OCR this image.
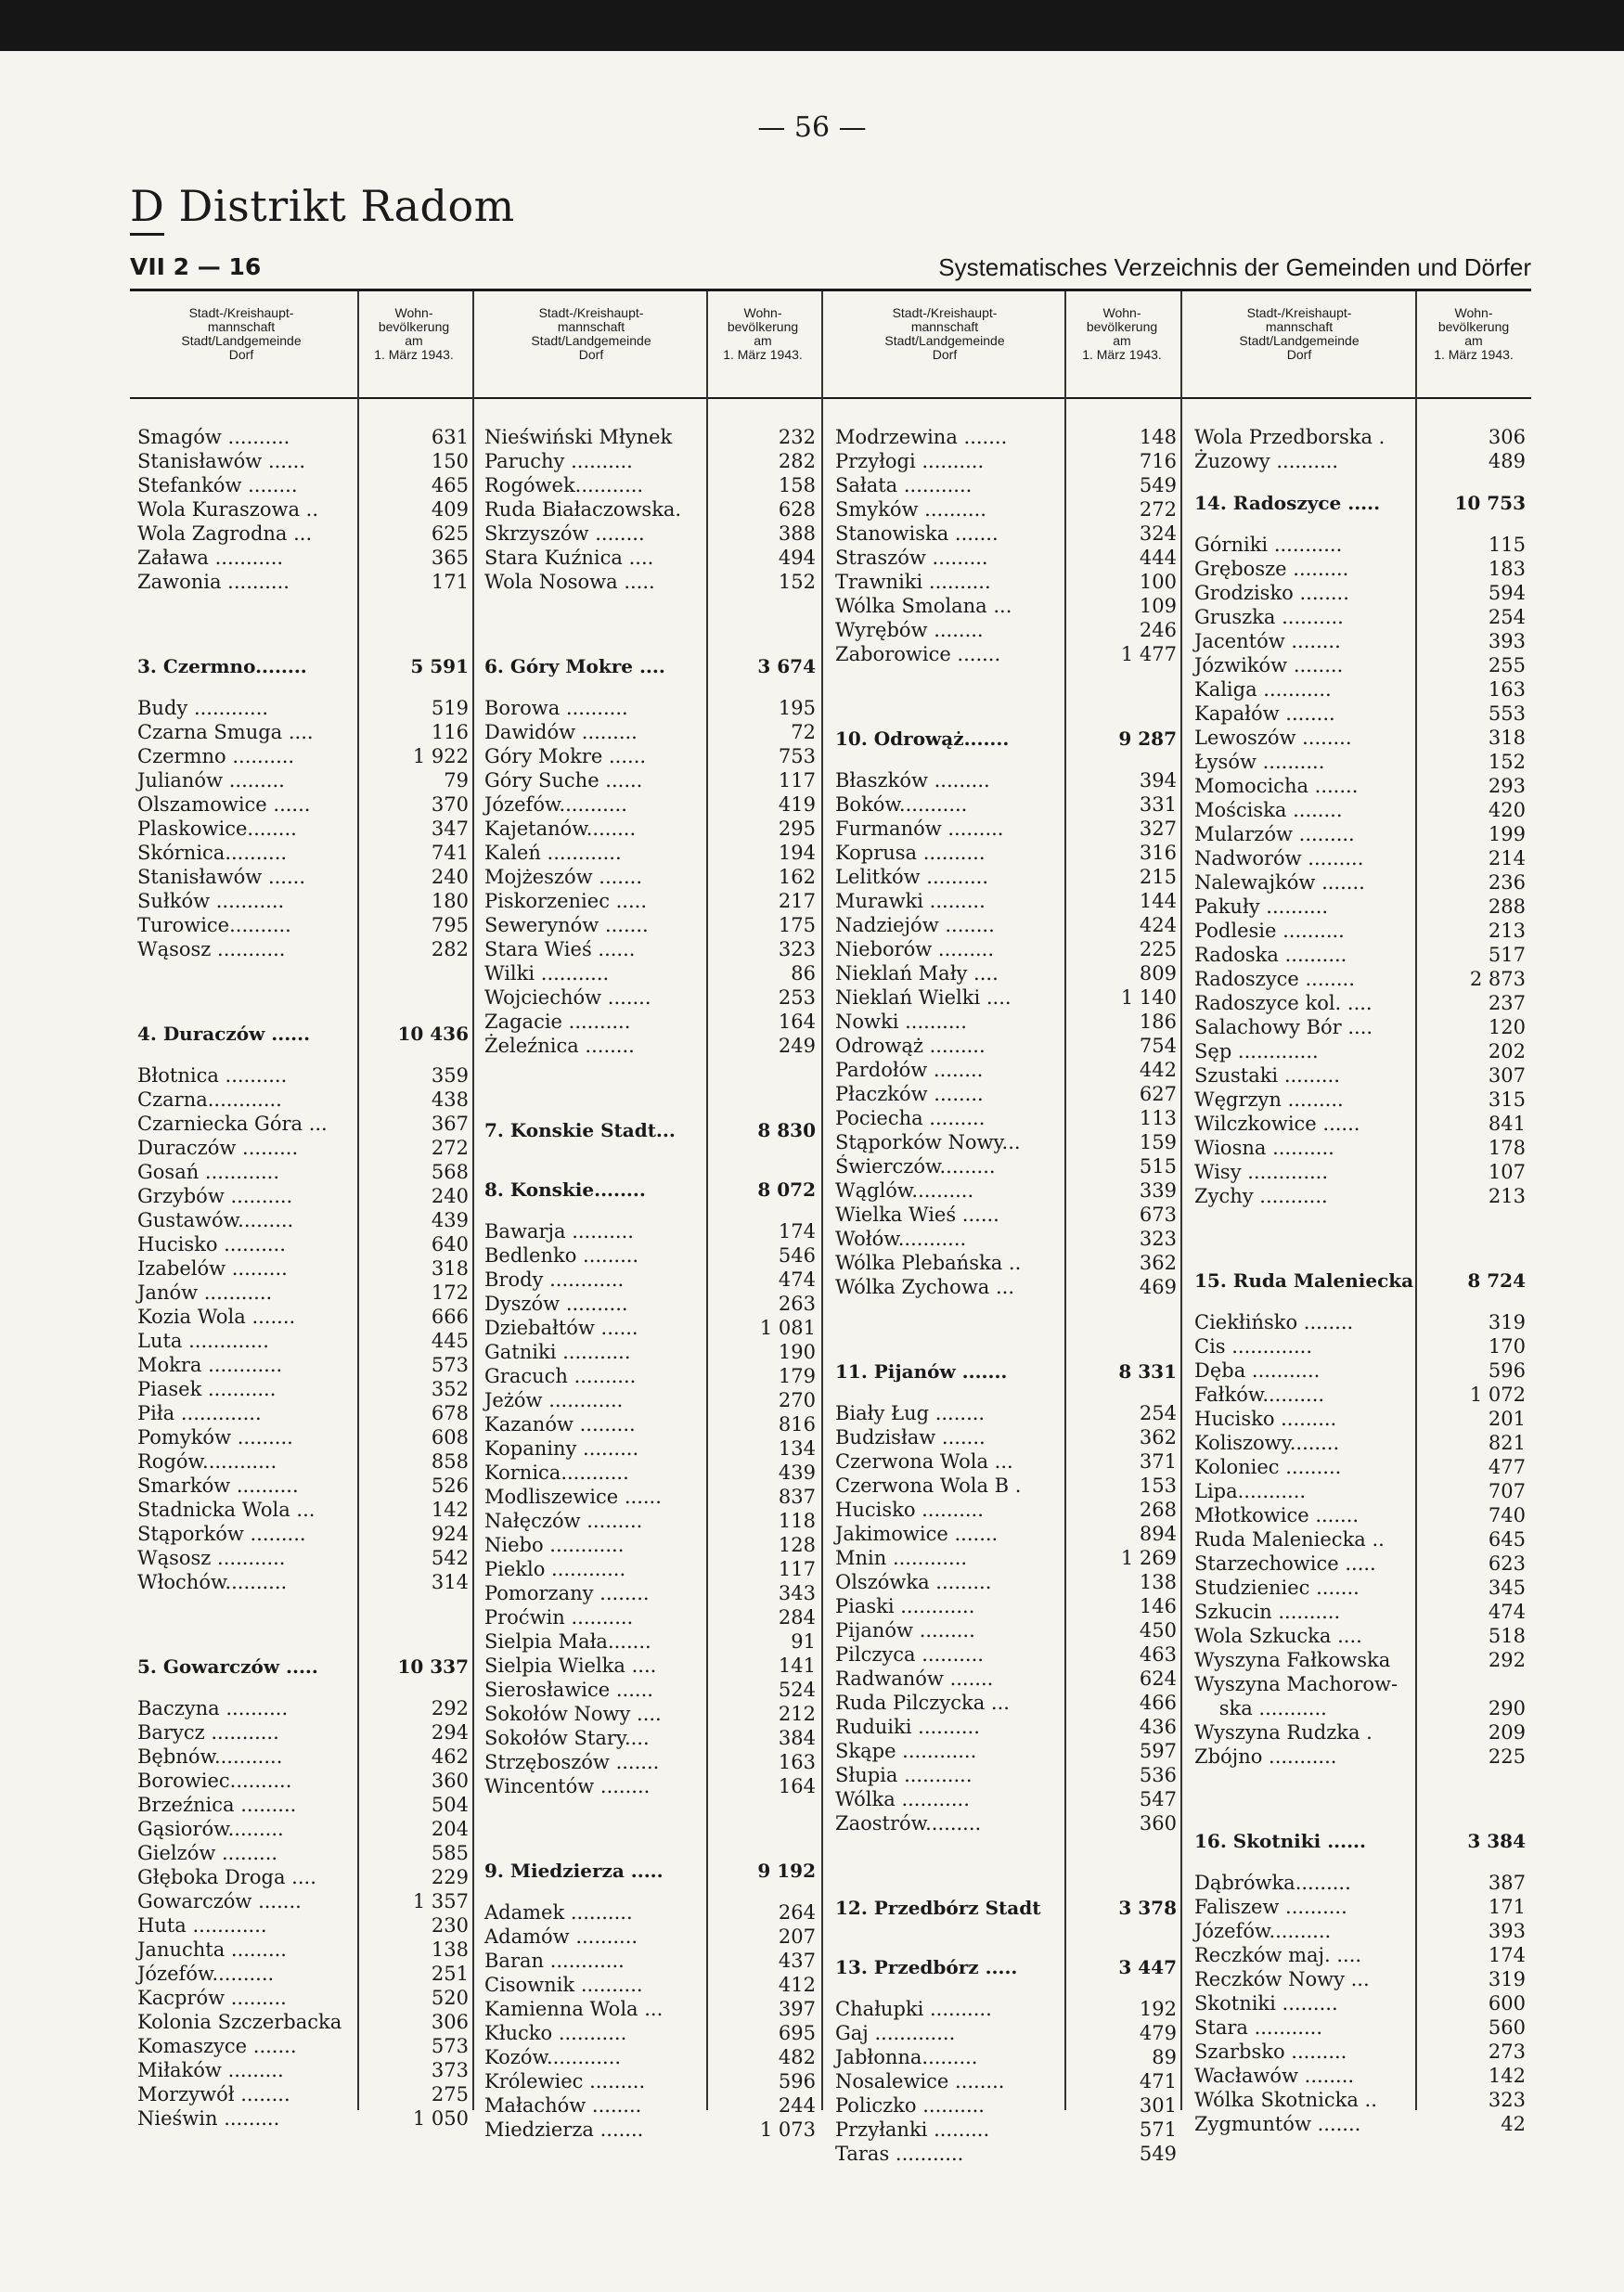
— 56 —
D Distrikt Radom
VII 2 — 16	Systematisches Verzeichnis der Gemeinden und Dörfer
Stadt-/Kreishaupt-
mannschaft
Stadt/Landgemeinde
Dorf
Wohn-
bevölkerung
am
1. März 1943.
Stadt-/Kreishaupt-
mannschaft
Stadt/Landgemeinde
Dorf
Wohn-
bevölkerung
am
1. März 1943.
Stadt-/Kreishaupt-
mannschaft
Stadt/Landgemeinde
Dorf
Wohn-
bevölkerung
am
1. März 1943.
Stadt-/Kreishaupt-
mannschaft
Stadt/Landgemeinde
Dorf
Wohn-
bevölkerung
am
1. März 1943.
Smagów ..........	631
Stanisławów ......	150
Stefanków ........	465
Wola Kuraszowa ..	409
Wola Zagrodna ...	625
Zaława ...........	365
Zawonia ..........	171
3. Czermno........	5 591
Budy ............	519
Czarna Smuga ....	116
Czermno ..........	1 922
Julianów .........	79
Olszamowice ......	370
Plaskowice........	347
Skórnica..........	741
Stanisławów ......	240
Sułków ...........	180
Turowice..........	795
Wąsosz ...........	282
4. Duraczów ......	10 436
Błotnica ..........	359
Czarna............	438
Czarniecka Góra ...	367
Duraczów .........	272
Gosań ............	568
Grzybów ..........	240
Gustawów.........	439
Hucisko ..........	640
Izabelów .........	318
Janów ...........	172
Kozia Wola .......	666
Luta .............	445
Mokra ............	573
Piasek ...........	352
Piła .............	678
Pomyków .........	608
Rogów............	858
Smarków ..........	526
Stadnicka Wola ...	142
Stąporków .........	924
Wąsosz ...........	542
Włochów..........	314
5. Gowarczów .....	10 337
Baczyna ..........	292
Barycz ...........	294
Bębnów...........	462
Borowiec..........	360
Brzeźnica .........	504
Gąsiorów.........	204
Gielzów .........	585
Głęboka Droga ....	229
Gowarczów .......	1 357
Huta ............	230
Januchta .........	138
Józefów..........	251
Kacprów .........	520
Kolonia Szczerbacka	306
Komaszyce .......	573
Miłaków .........	373
Morzywół ........	275
Nieświn .........	1 050
Nieświński Młynek	232
Paruchy ..........	282
Rogówek...........	158
Ruda Białaczowska.	628
Skrzyszów ........	388
Stara Kuźnica ....	494
Wola Nosowa .....	152
6. Góry Mokre ....	3 674
Borowa ..........	195
Dawidów .........	72
Góry Mokre ......	753
Góry Suche ......	117
Józefów...........	419
Kajetanów........	295
Kaleń ............	194
Mojżeszów .......	162
Piskorzeniec .....	217
Sewerynów .......	175
Stara Wieś ......	323
Wilki ...........	86
Wojciechów .......	253
Zagacie ..........	164
Żeleźnica ........	249
7. Konskie Stadt...	8 830
8. Konskie........	8 072
Bawarja ..........	174
Bedlenko .........	546
Brody ............	474
Dyszów ..........	263
Dziebałtów ......	1 081
Gatniki ...........	190
Gracuch ..........	179
Jeżów ............	270
Kazanów .........	816
Kopaniny .........	134
Kornica...........	439
Modliszewice ......	837
Nałęczów .........	118
Niebo ............	128
Pieklo ............	117
Pomorzany ........	343
Proćwin ..........	284
Sielpia Mała.......	91
Sielpia Wielka ....	141
Sierosławice ......	524
Sokołów Nowy ....	212
Sokołów Stary....	384
Strzęboszów .......	163
Wincentów ........	164
9. Miedzierza .....	9 192
Adamek ..........	264
Adamów ..........	207
Baran ............	437
Cisownik ..........	412
Kamienna Wola ...	397
Kłucko ...........	695
Kozów............	482
Królewiec .........	596
Małachów ........	244
Miedzierza .......	1 073
Modrzewina .......	148
Przyłogi ..........	716
Sałata ...........	549
Smyków ..........	272
Stanowiska .......	324
Straszów .........	444
Trawniki ..........	100
Wólka Smolana ...	109
Wyrębów ........	246
Zaborowice .......	1 477
10. Odrowąż.......	9 287
Błaszków .........	394
Boków...........	331
Furmanów .........	327
Koprusa ..........	316
Lelitków ..........	215
Murawki .........	144
Nadziejów ........	424
Nieborów .........	225
Nieklań Mały ....	809
Nieklań Wielki ....	1 140
Nowki ..........	186
Odrowąż .........	754
Pardołów ........	442
Płaczków ........	627
Pociecha .........	113
Stąporków Nowy...	159
Świerczów.........	515
Wąglów..........	339
Wielka Wieś ......	673
Wołów...........	323
Wólka Plebańska ..	362
Wólka Zychowa ...	469
11. Pijanów .......	8 331
Biały Ług ........	254
Budzisław .......	362
Czerwona Wola ...	371
Czerwona Wola B .	153
Hucisko ..........	268
Jakimowice .......	894
Mnin ............	1 269
Olszówka .........	138
Piaski ............	146
Pijanów .........	450
Pilczyca ..........	463
Radwanów .......	624
Ruda Pilczycka ...	466
Ruduiki ..........	436
Skąpe ............	597
Słupia ...........	536
Wólka ...........	547
Zaostrów.........	360
12. Przedbórz Stadt	3 378
13. Przedbórz .....	3 447
Chałupki ..........	192
Gaj .............	479
Jabłonna.........	89
Nosalewice ........	471
Policzko ..........	301
Przyłanki .........	571
Taras ...........	549
Wola Przedborska .	306
Żuzowy ..........	489
14. Radoszyce .....	10 753
Górniki ...........	115
Grębosze .........	183
Grodzisko ........	594
Gruszka ..........	254
Jacentów ........	393
Józwików ........	255
Kaliga ...........	163
Kapałów ........	553
Lewoszów ........	318
Łysów ..........	152
Momocicha .......	293
Mościska ........	420
Mularzów .........	199
Nadworów .........	214
Nalewajków .......	236
Pakuły ..........	288
Podlesie ..........	213
Radoska ..........	517
Radoszyce ........	2 873
Radoszyce kol. ....	237
Salachowy Bór ....	120
Sęp .............	202
Szustaki .........	307
Węgrzyn .........	315
Wilczkowice ......	841
Wiosna ..........	178
Wisy .............	107
Zychy ...........	213
15. Ruda Maleniecka	8 724
Ciekłińsko ........	319
Cis .............	170
Dęba ...........	596
Fałków..........	1 072
Hucisko .........	201
Koliszowy........	821
Koloniec .........	477
Lipa...........	707
Młotkowice .......	740
Ruda Maleniecka ..	645
Starzechowice .....	623
Studzieniec .......	345
Szkucin ..........	474
Wola Szkucka ....	518
Wyszyna Fałkowska	292
Wyszyna Machorow-
ska ...........	290
Wyszyna Rudzka .	209
Zbójno ...........	225
16. Skotniki ......	3 384
Dąbrówka.........	387
Faliszew ..........	171
Józefów..........	393
Reczków maj. ....	174
Reczków Nowy ...	319
Skotniki .........	600
Stara ...........	560
Szarbsko .........	273
Wacławów ........	142
Wólka Skotnicka ..	323
Zygmuntów .......	42
